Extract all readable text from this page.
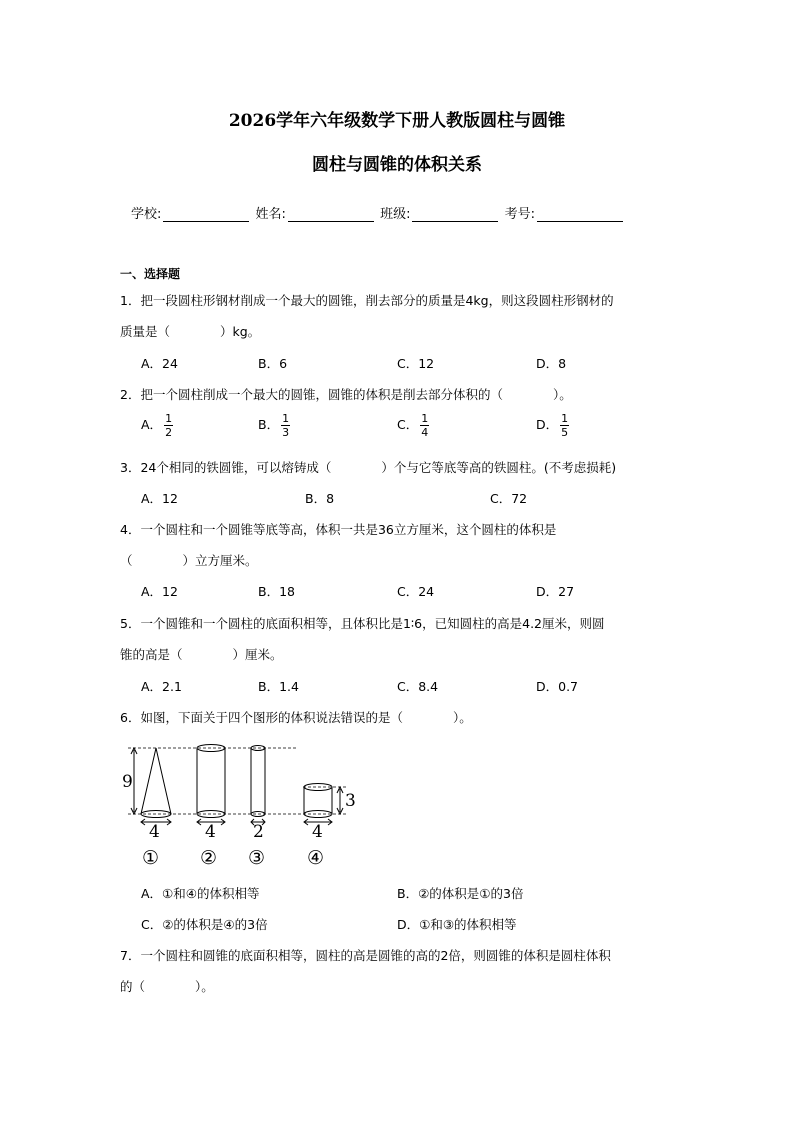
2026学年六年级数学下册人教版圆柱与圆锥
圆柱与圆锥的体积关系
学校:	姓名:	班级:	考号:
一、选择题
1．把一段圆柱形钢材削成一个最大的圆锥，削去部分的质量是4kg，则这段圆柱形钢材的
质量是（　　　　）kg。
A．24	B．6	C．12	D．8
2．把一个圆柱削成一个最大的圆锥，圆锥的体积是削去部分体积的（　　　　）。
A． $\frac{1}{2}$	B． $\frac{1}{3}$	C． $\frac{1}{4}$	D． $\frac{1}{5}$
3．24个相同的铁圆锥，可以熔铸成（　　　　）个与它等底等高的铁圆柱。(不考虑损耗)
A．12	B．8	C．72
4．一个圆柱和一个圆锥等底等高，体积一共是36立方厘米，这个圆柱的体积是
（　　　　）立方厘米。
A．12	B．18	C．24	D．27
5．一个圆锥和一个圆柱的底面积相等，且体积比是1∶6，已知圆柱的高是4.2厘米，则圆
锥的高是（　　　　）厘米。
A．2.1	B．1.4	C．8.4	D．0.7
6．如图，下面关于四个图形的体积说法错误的是（　　　　）。
9
3
4	4 2	4
① ② ③ ④
A．①和④的体积相等	B．②的体积是①的3倍
C．②的体积是④的3倍	D．①和③的体积相等
7．一个圆柱和圆锥的底面积相等，圆柱的高是圆锥的高的2倍，则圆锥的体积是圆柱体积
的（　　　　）。
